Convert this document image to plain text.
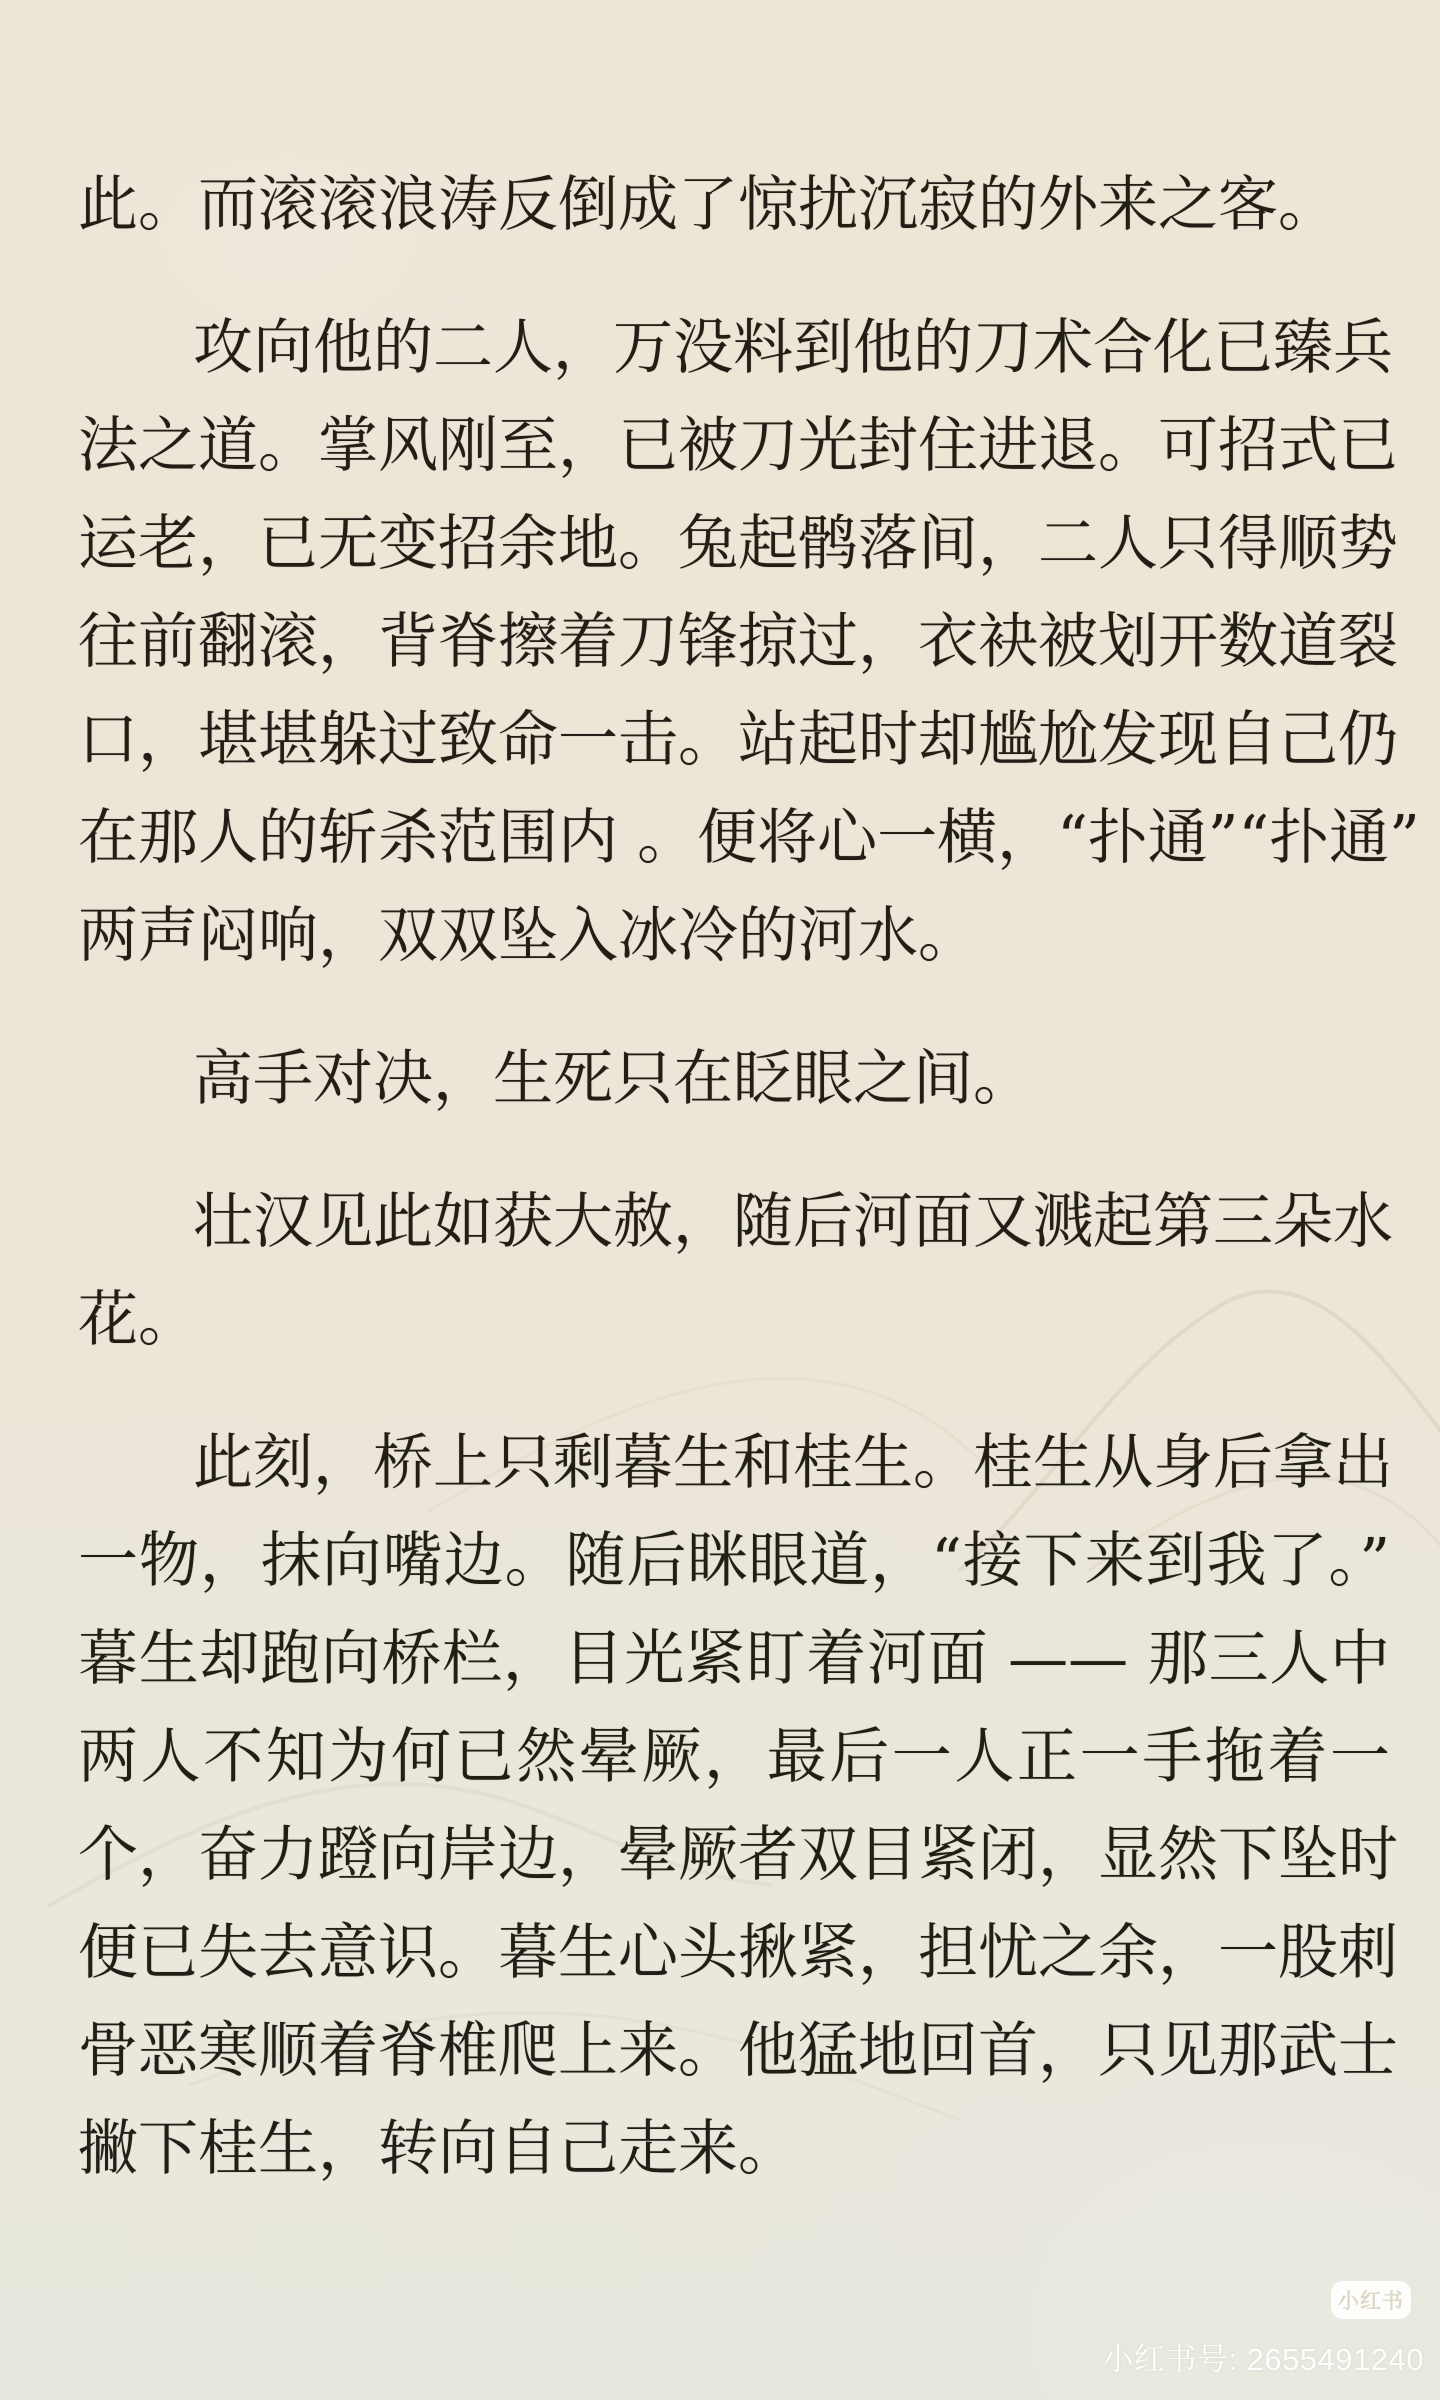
此。而滚滚浪涛反倒成了惊扰沉寂的外来之客。
攻向他的二人，万没料到他的刀术合化已臻兵
法之道。掌风刚至，已被刀光封住进退。可招式已
运老，已无变招余地。兔起鹘落间，二人只得顺势
往前翻滚，背脊擦着刀锋掠过，衣袂被划开数道裂
口，堪堪躲过致命一击。站起时却尴尬发现自己仍
在那人的斩杀范围内 。便将心一横，“扑通”“扑通”
两声闷响，双双坠入冰冷的河水。
高手对决，生死只在眨眼之间。
壮汉见此如获大赦，随后河面又溅起第三朵水
花。
此刻，桥上只剩暮生和桂生。桂生从身后拿出
一物，抹向嘴边。随后眯眼道，“接下来到我了。”
暮生却跑向桥栏，目光紧盯着河面 —— 那三人中
两人不知为何已然晕厥，最后一人正一手拖着一
个，奋力蹬向岸边，晕厥者双目紧闭，显然下坠时
便已失去意识。暮生心头揪紧，担忧之余，一股刺
骨恶寒顺着脊椎爬上来。他猛地回首，只见那武士
撇下桂生，转向自己走来。
小红书
小红书号: 2655491240
